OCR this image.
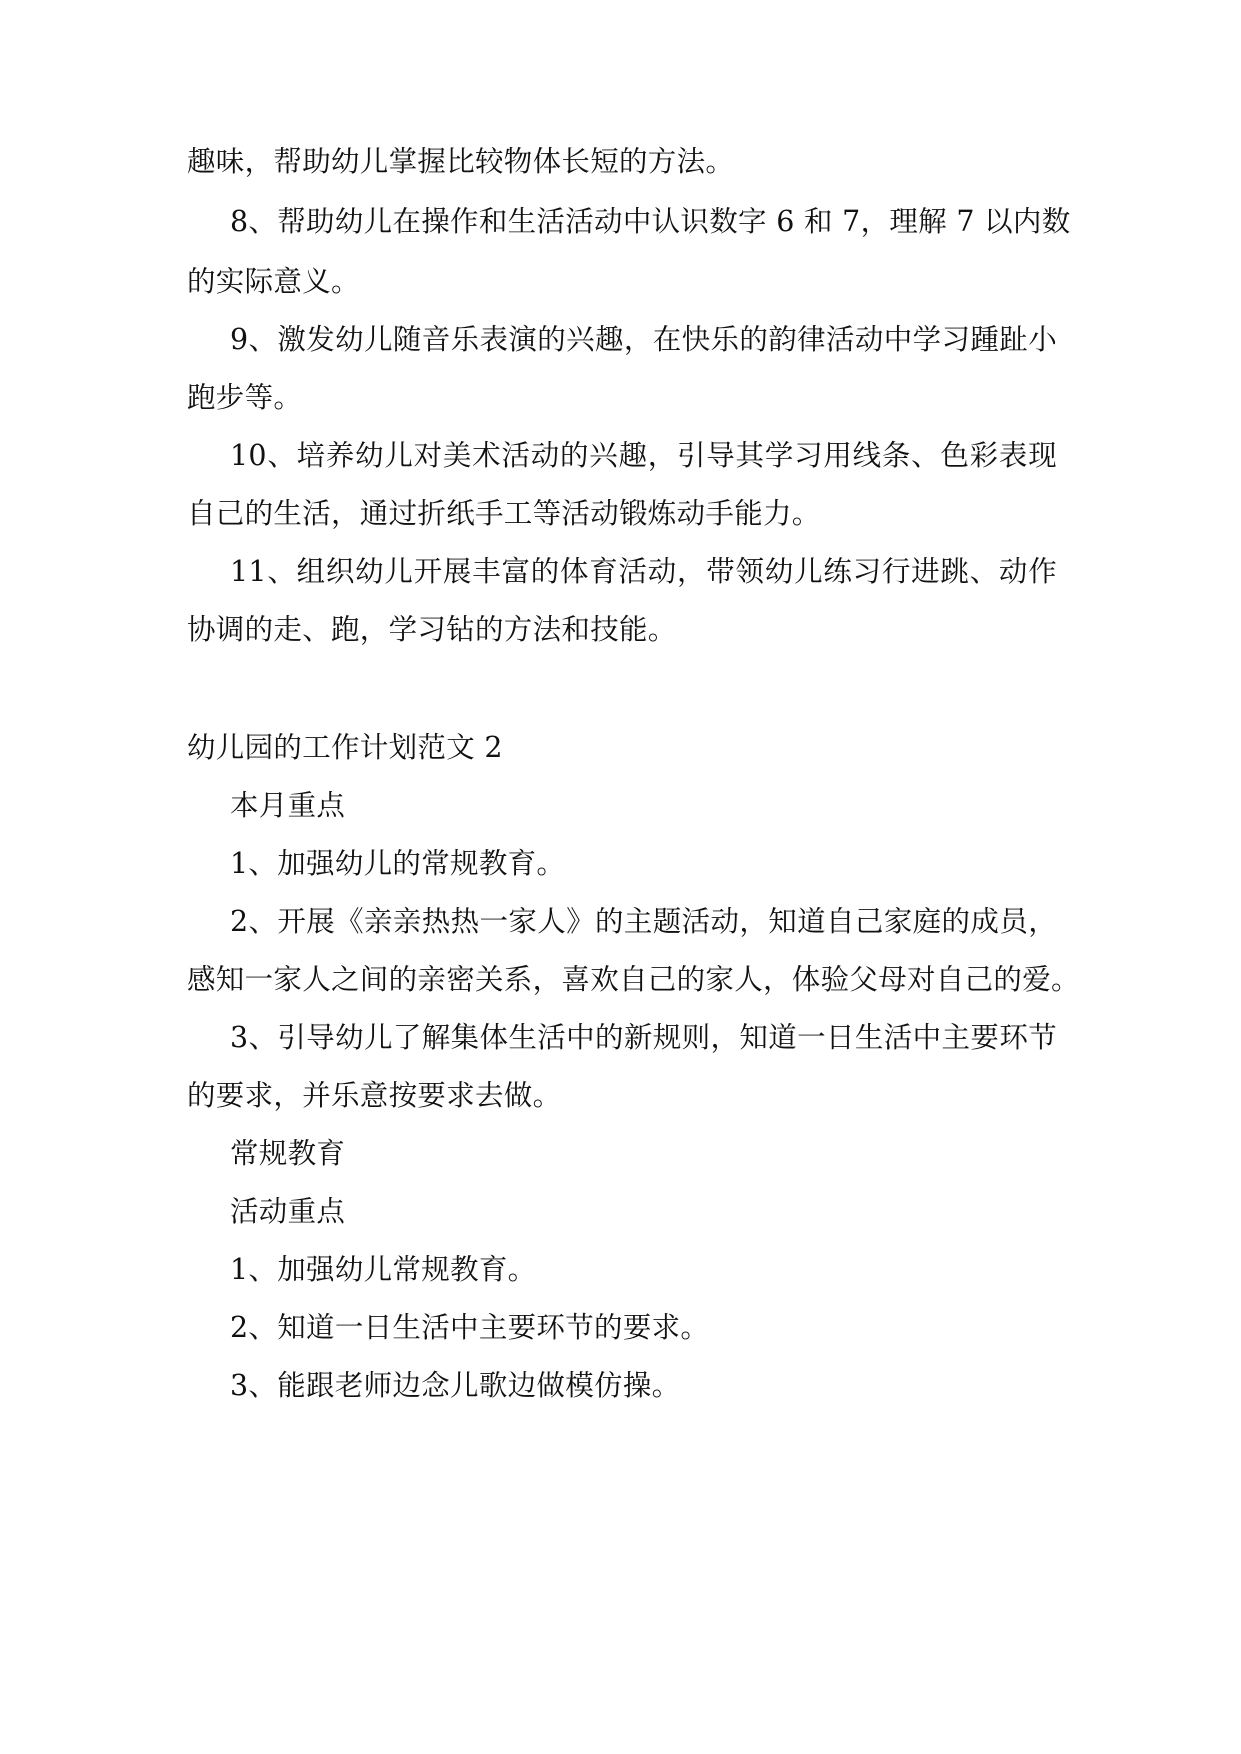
趣味，帮助幼儿掌握比较物体长短的方法。
8、帮助幼儿在操作和生活活动中认识数字 6 和 7，理解 7 以内数
的实际意义。
9、激发幼儿随音乐表演的兴趣，在快乐的韵律活动中学习踵趾小
跑步等。
10、培养幼儿对美术活动的兴趣，引导其学习用线条、色彩表现
自己的生活，通过折纸手工等活动锻炼动手能力。
11、组织幼儿开展丰富的体育活动，带领幼儿练习行进跳、动作
协调的走、跑，学习钻的方法和技能。
幼儿园的工作计划范文 2
本月重点
1、加强幼儿的常规教育。
2、开展《亲亲热热一家人》的主题活动，知道自己家庭的成员，
感知一家人之间的亲密关系，喜欢自己的家人，体验父母对自己的爱。
3、引导幼儿了解集体生活中的新规则，知道一日生活中主要环节
的要求，并乐意按要求去做。
常规教育
活动重点
1、加强幼儿常规教育。
2、知道一日生活中主要环节的要求。
3、能跟老师边念儿歌边做模仿操。
